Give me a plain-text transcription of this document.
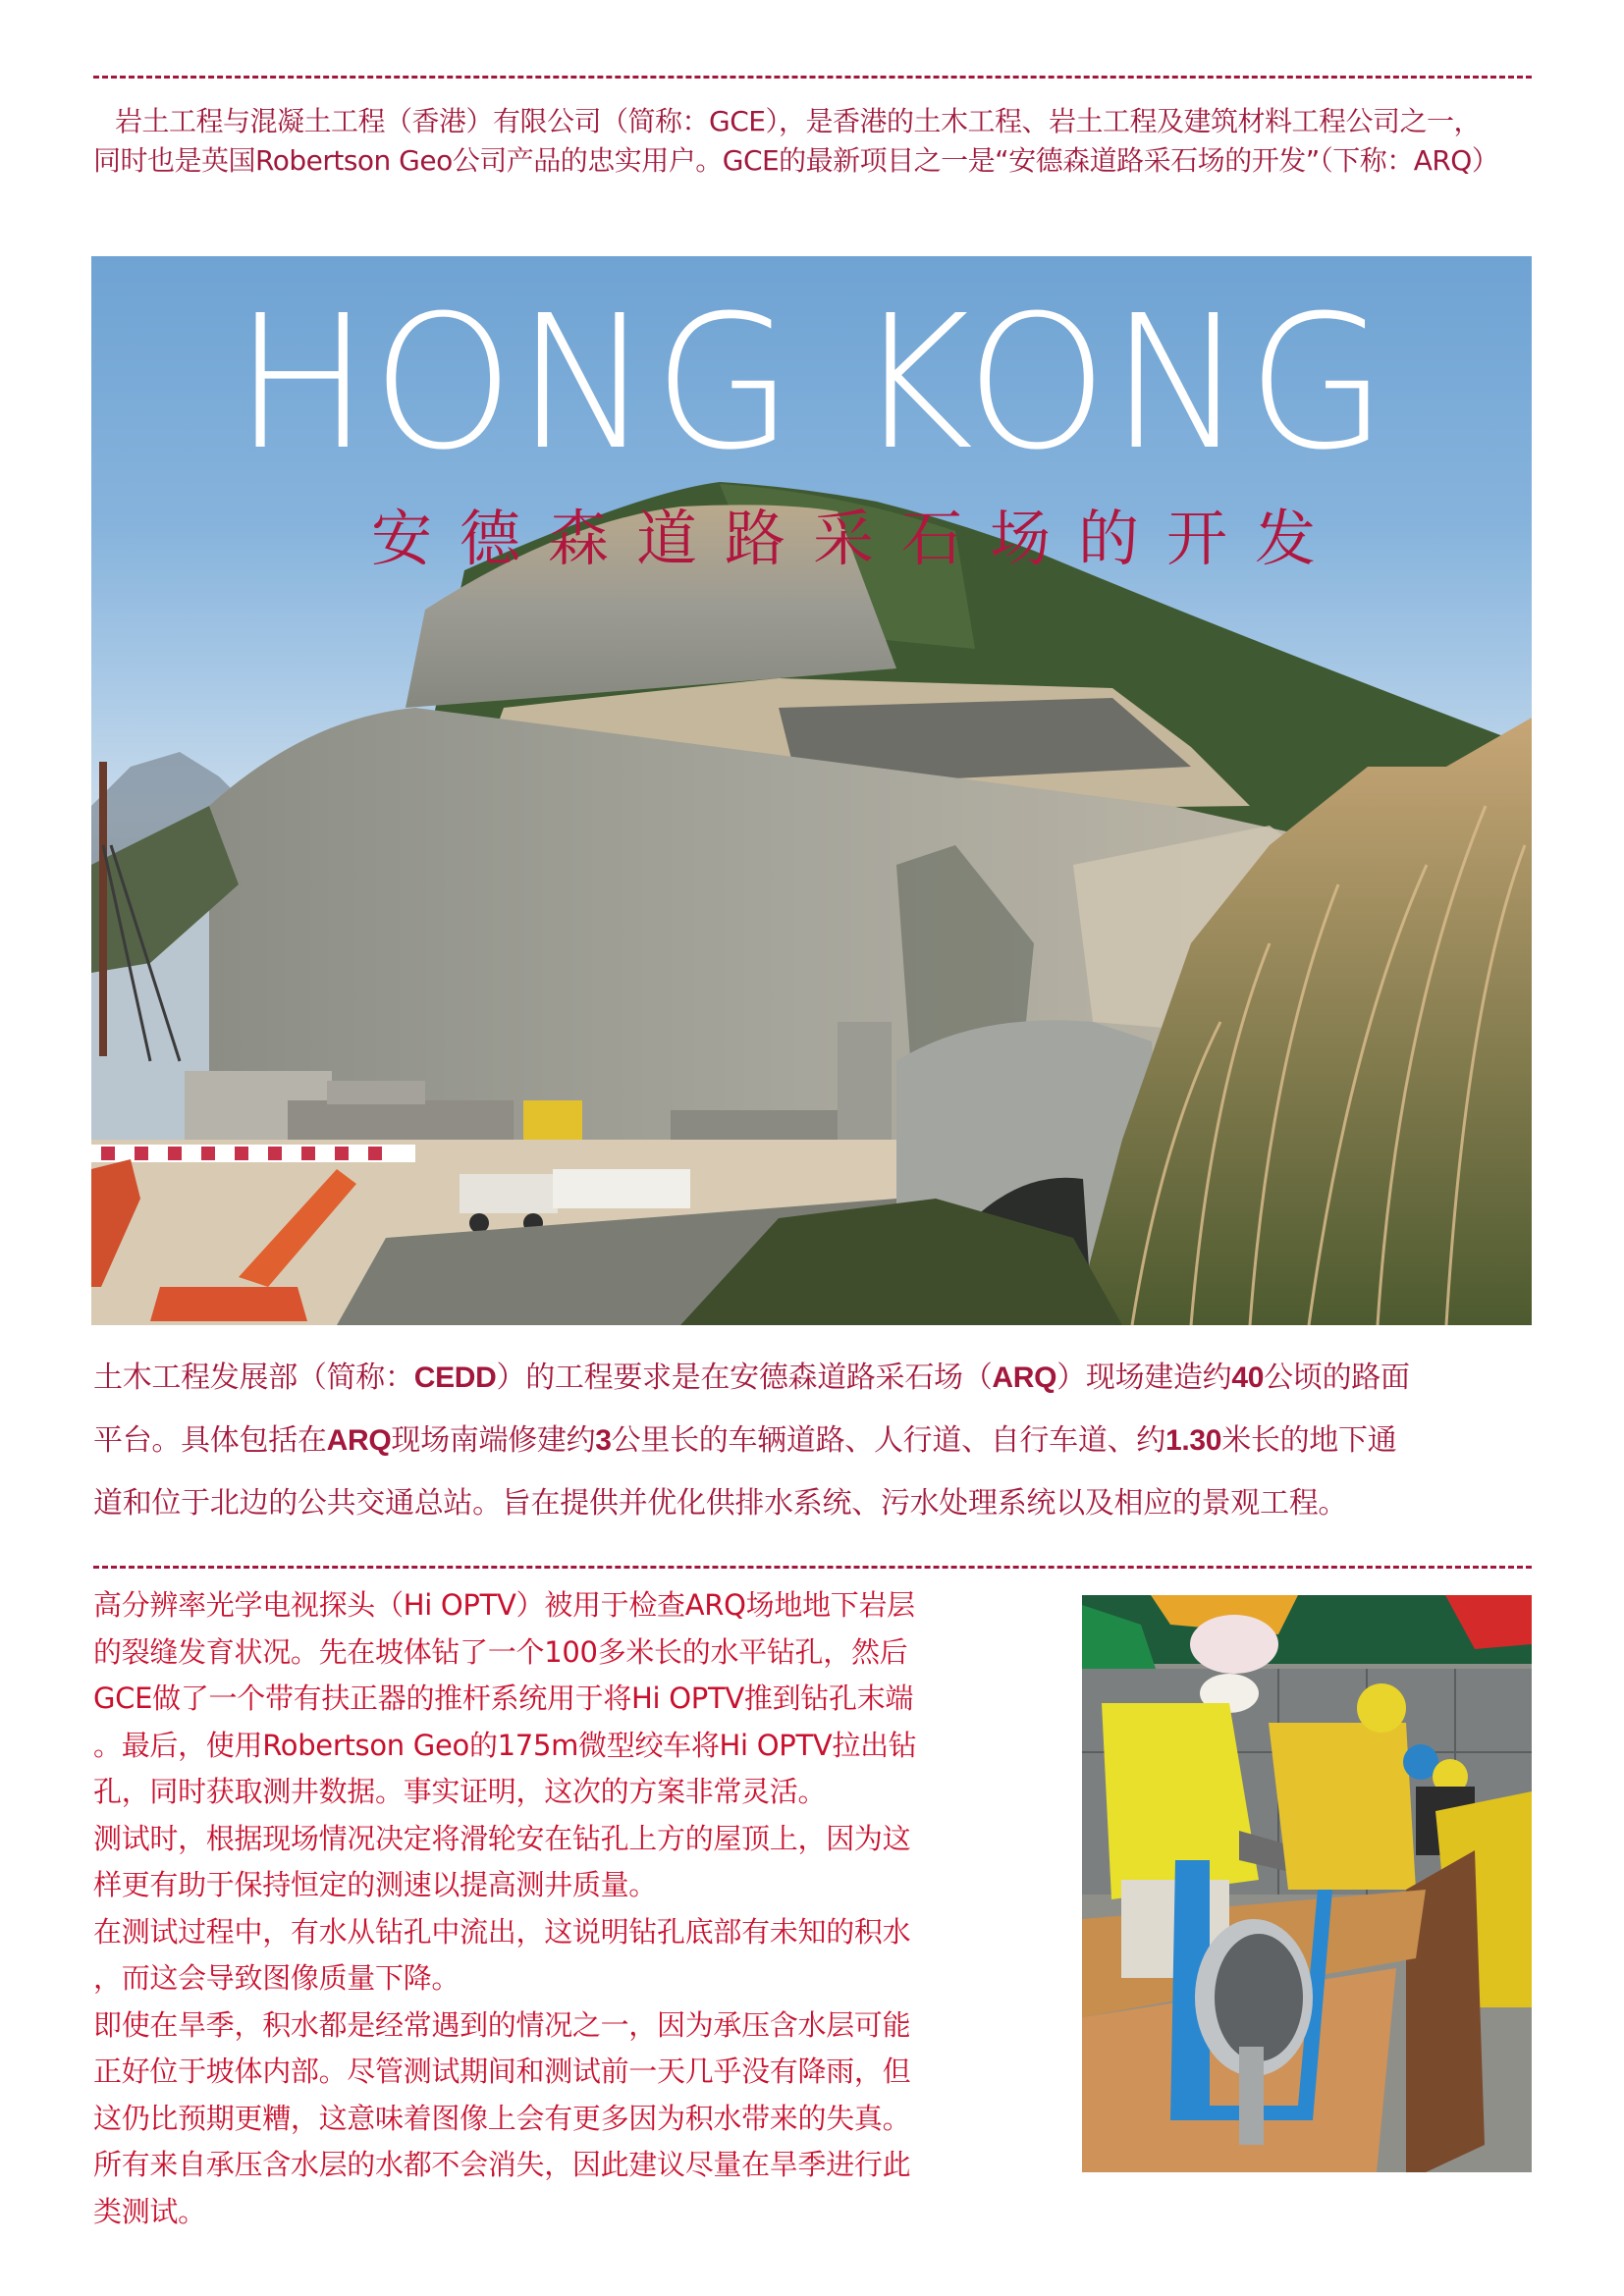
岩土工程与混凝土工程（香港）有限公司（简称：GCE），是香港的土木工程、岩土工程及建筑材料工程公司之一，
同时也是英国Robertson Geo公司产品的忠实用户。GCE的最新项目之一是“安德森道路采石场的开发”（下称：ARQ）
HONG KONG
安德森道路采石场的开发

土木工程发展部（简称：CEDD）的工程要求是在安德森道路采石场（ARQ）现场建造约40公顷的路面

平台。具体包括在ARQ现场南端修建约3公里长的车辆道路、人行道、自行车道、约1.30米长的地下通

道和位于北边的公共交通总站。旨在提供并优化供排水系统、污水处理系统以及相应的景观工程。

高分辨率光学电视探头（Hi OPTV）被用于检查ARQ场地地下岩层

的裂缝发育状况。先在坡体钻了一个100多米长的水平钻孔，然后

GCE做了一个带有扶正器的推杆系统用于将Hi OPTV推到钻孔末端

。最后，使用Robertson Geo的175m微型绞车将Hi OPTV拉出钻

孔，同时获取测井数据。事实证明，这次的方案非常灵活。

测试时，根据现场情况决定将滑轮安在钻孔上方的屋顶上，因为这

样更有助于保持恒定的测速以提高测井质量。

在测试过程中，有水从钻孔中流出，这说明钻孔底部有未知的积水

，而这会导致图像质量下降。

即使在旱季，积水都是经常遇到的情况之一，因为承压含水层可能

正好位于坡体内部。尽管测试期间和测试前一天几乎没有降雨，但

这仍比预期更糟，这意味着图像上会有更多因为积水带来的失真。

所有来自承压含水层的水都不会消失，因此建议尽量在旱季进行此

类测试。
